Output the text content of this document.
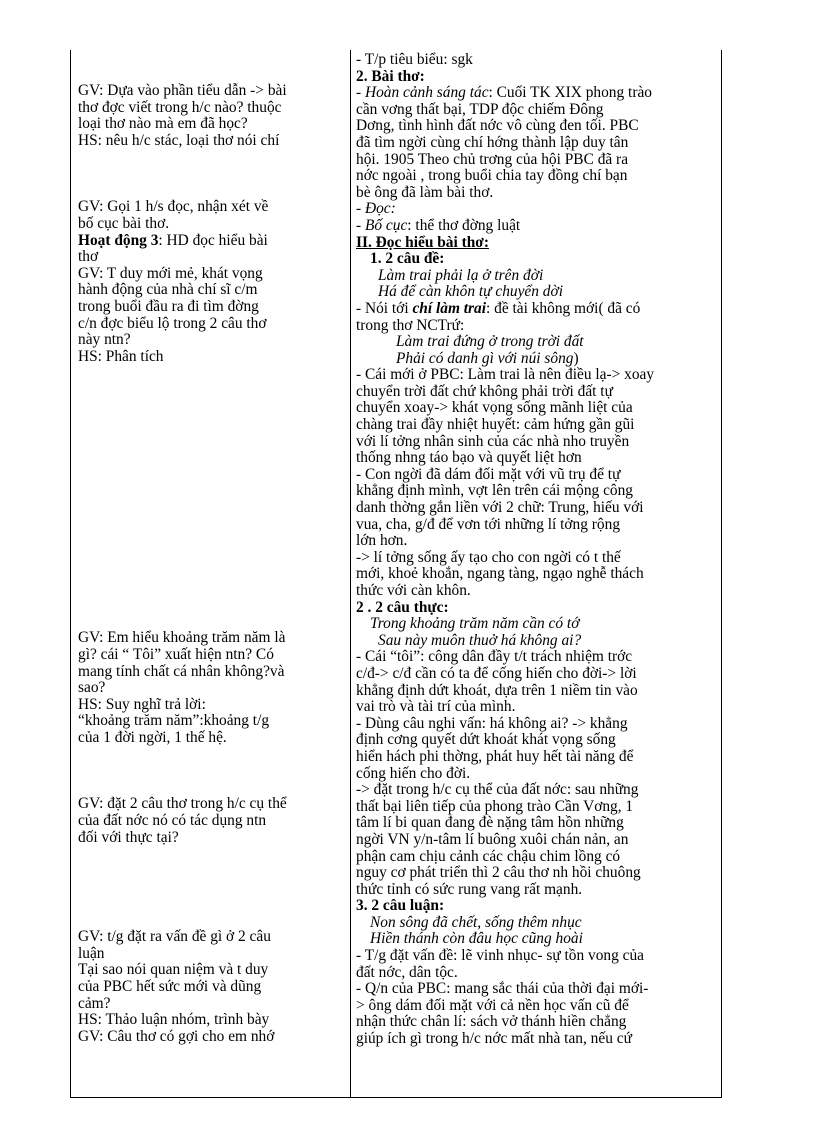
GV: Dựa vào phần tiểu dẫn -> bài

thơ đợc viết trong h/c nào? thuộc

loại thơ nào mà em đã học?

HS: nêu h/c stác, loại thơ nói chí

GV: Gọi 1 h/s đọc, nhận xét về

bố cục bài thơ.

Hoạt động 3: HD đọc hiểu bài

thơ

GV: T duy mới mẻ, khát vọng

hành động của nhà chí sĩ c/m

trong buổi đầu ra đi tìm đờng

c/n đợc biểu lộ trong 2 câu thơ

này ntn?

HS: Phân tích

GV: Em hiểu khoảng trăm năm là

gì? cái “ Tôi” xuất hiện ntn? Có

mang tính chất cá nhân không?và

sao?

HS: Suy nghĩ trả lời:

“khoảng trăm năm”:khoảng t/g

của 1 đời ngời, 1 thế hệ.

GV: đặt 2 câu thơ trong h/c cụ thể

của đất nớc nó có tác dụng ntn

đối với thực tại?

GV: t/g đặt ra vấn đề gì ở 2 câu

luận

Tại sao nói quan niệm và t duy

của PBC hết sức mới và dũng

cảm?

HS: Thảo luận nhóm, trình bày

GV: Câu thơ có gợi cho em nhớ

- T/p tiêu biểu: sgk

2. Bài thơ:

- Hoàn cảnh sáng tác: Cuối TK XIX phong trào

cần vơng thất bại, TDP độc chiếm Đông

Dơng, tình hình đất nớc vô cùng đen tối. PBC

đã tìm ngời cùng chí hớng thành lập duy tân

hội. 1905 Theo chủ trơng của hội PBC đã ra

nớc ngoài , trong buổi chia tay đồng chí bạn

bè ông đã làm bài thơ.

- Đọc:

- Bố cục: thể thơ đờng luật

II. Đọc hiểu bài thơ:

1. 2 câu đề:

Làm trai phải lạ ở trên đời

Há để càn khôn tự chuyển dời

- Nói tới chí làm trai: đề tài không mới( đã có

trong thơ NCTrứ:

Làm trai đứng ở trong trời đất

Phải có danh gì với núi sông)

- Cái mới ở PBC: Làm trai là nên điều lạ-> xoay

chuyển trời đất chứ không phải trời đất tự

chuyển xoay-> khát vọng sống mãnh liệt của

chàng trai đầy nhiệt huyết: cảm hứng gần gũi

với lí tởng nhân sinh của các nhà nho truyền

thống nhng táo bạo và quyết liệt hơn

- Con ngời đã dám đối mặt với vũ trụ để tự

khẳng định mình, vợt lên trên cái mộng công

danh thờng gắn liền với 2 chữ: Trung, hiếu với

vua, cha, g/đ để vơn tới những lí tởng rộng

lớn hơn.

-> lí tởng sống ấy tạo cho con ngời có t thế

mới, khoẻ khoắn, ngang tàng, ngạo nghễ thách

thức với càn khôn.

2 . 2 câu thực:

Trong khoảng trăm năm cần có tớ

Sau này muôn thuở há không ai?

- Cái “tôi”: công dân đầy t/t trách nhiệm trớc

c/đ-> c/đ cần có ta để cống hiến cho đời-> lời

khẳng định dứt khoát, dựa trên 1 niềm tin vào

vai trò và tài trí của mình.

- Dùng câu nghi vấn: há không ai? -> khẳng

định cơng quyết dứt khoát khát vọng sống

hiển hách phi thờng, phát huy hết tài năng để

cống hiến cho đời.

-> đặt trong h/c cụ thể của đất nớc: sau những

thất bại liên tiếp của phong trào Cần Vơng, 1

tâm lí bi quan đang đè nặng tâm hồn những

ngời VN y/n-tâm lí buông xuôi chán nản, an

phận cam chịu cảnh các chậu chim lồng có

nguy cơ phát triển thì 2 câu thơ nh hồi chuông

thức tỉnh có sức rung vang rất mạnh.

3. 2 câu luận:

Non sông đã chết, sống thêm nhục

Hiền thánh còn đâu học cũng hoài

- T/g đặt vấn đề: lẽ vinh nhục- sự tồn vong của

đất nớc, dân tộc.

- Q/n của PBC: mang sắc thái của thời đại mới-

> ông dám đối mặt với cả nền học vấn cũ để

nhận thức chân lí: sách vở thánh hiền chẳng

giúp ích gì trong h/c nớc mất nhà tan, nếu cứ
